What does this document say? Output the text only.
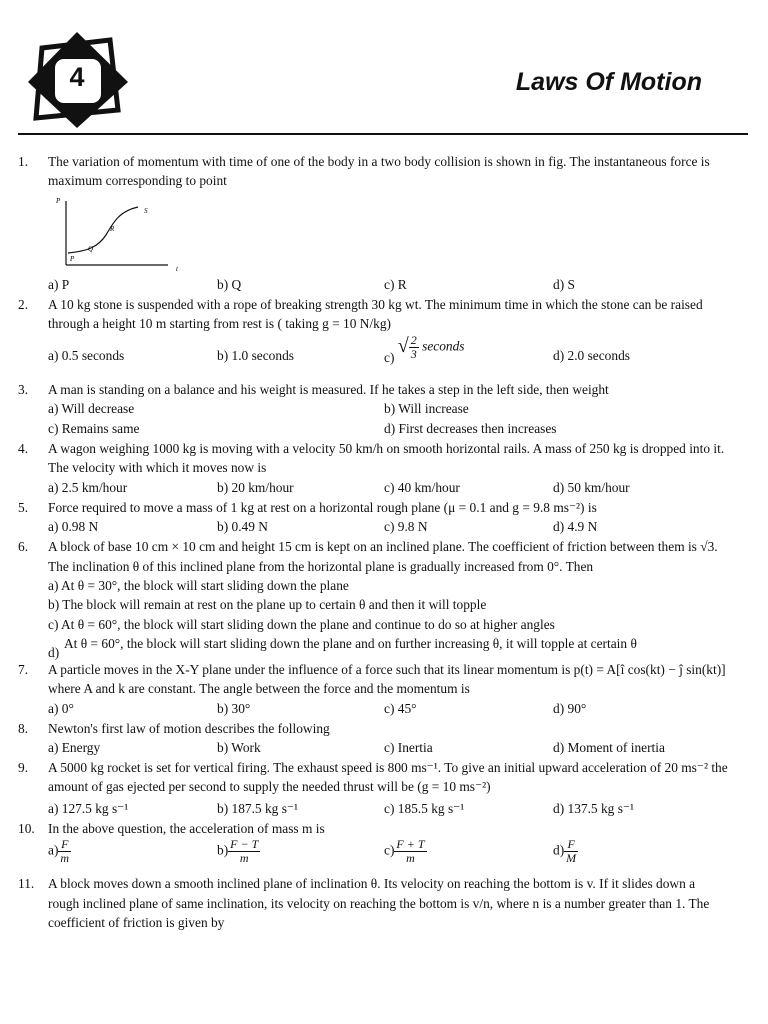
4	Laws Of Motion
1. The variation of momentum with time of one of the body in a two body collision is shown in fig. The instantaneous force is maximum corresponding to point
P
t
P
Q
R
S
a) P	b) Q	c) R	d) S
2. A 10 kg stone is suspended with a rope of breaking strength 30 kg wt. The minimum time in which the stone can be raised through a height 10 m starting from rest is ( taking g = 10 N/kg)
a) 0.5 seconds	b) 1.0 seconds	c) √ $\frac{2}{3}$ seconds
d) 2.0 seconds
3. A man is standing on a balance and his weight is measured. If he takes a step in the left side, then weight
a) Will decrease	b) Will increase
c) Remains same	d) First decreases then increases
4. A wagon weighing 1000 kg is moving with a velocity 50 km/h on smooth horizontal rails. A mass of 250 kg is dropped into it. The velocity with which it moves now is
a) 2.5 km/hour	b) 20 km/hour	c) 40 km/hour	d) 50 km/hour
5. Force required to move a mass of 1 kg at rest on a horizontal rough plane (μ = 0.1 and g = 9.8 ms⁻²) is
a) 0.98 N	b) 0.49 N	c) 9.8 N	d) 4.9 N
6. A block of base 10 cm × 10 cm and height 15 cm is kept on an inclined plane. The coefficient of friction between them is √3. The inclination θ of this inclined plane from the horizontal plane is gradually increased from 0°. Then
a) At θ = 30°, the block will start sliding down the plane
b) The block will remain at rest on the plane up to certain θ and then it will topple
c) At θ = 60°, the block will start sliding down the plane and continue to do so at higher angles
d)
At θ = 60°, the block will start sliding down the plane and on further increasing θ, it will topple at certain θ
7. A particle moves in the X-Y plane under the influence of a force such that its linear momentum is p(t) = A[î cos(kt) − ĵ sin(kt)] where A and k are constant. The angle between the force and the momentum is
a) 0°	b) 30°	c) 45°	d) 90°
8. Newton's first law of motion describes the following
a) Energy	b) Work	c) Inertia	d) Moment of inertia
9. A 5000 kg rocket is set for vertical firing. The exhaust speed is 800 ms⁻¹. To give an initial upward acceleration of 20 ms⁻² the amount of gas ejected per second to supply the needed thrust will be (g = 10 ms⁻²)
a) 127.5 kg s⁻¹	b) 187.5 kg s⁻¹	c) 185.5 kg s⁻¹	d) 137.5 kg s⁻¹
10. In the above question, the acceleration of mass m is
$a) \frac{F}{m}$	$b) \frac{F - T}{m}$	$c) \frac{F + T}{m}$	$d) \frac{F}{M}$
11. A block moves down a smooth inclined plane of inclination θ. Its velocity on reaching the bottom is v. If it slides down a rough inclined plane of same inclination, its velocity on reaching the bottom is v/n, where n is a number greater than 1. The coefficient of friction is given by
